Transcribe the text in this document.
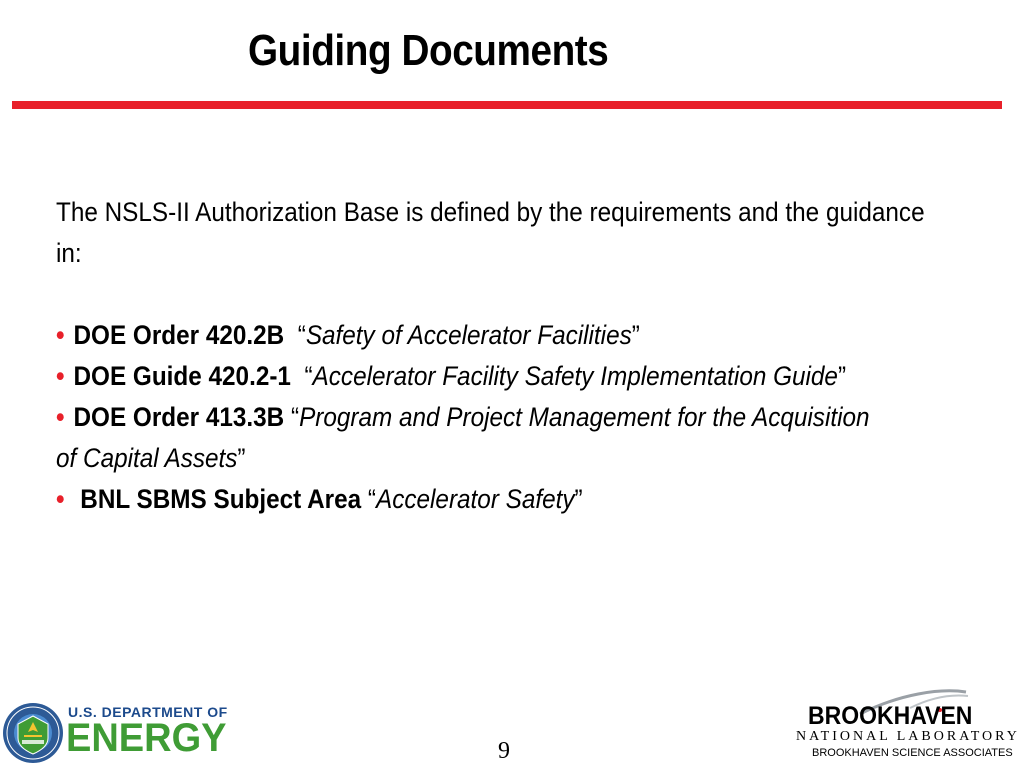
Guiding Documents
The NSLS-II Authorization Base is defined by the requirements and the guidance in:
• DOE Order 420.2B “Safety of Accelerator Facilities”
• DOE Guide 420.2-1 “Accelerator Facility Safety Implementation Guide”
• DOE Order 413.3B “Program and Project Management for the Acquisition of Capital Assets”
• BNL SBMS Subject Area “Accelerator Safety”
U.S. DEPARTMENT OF
ENERGY	9
BROOKHAVEN
NATIONAL LABORATORY
BROOKHAVEN SCIENCE ASSOCIATES
